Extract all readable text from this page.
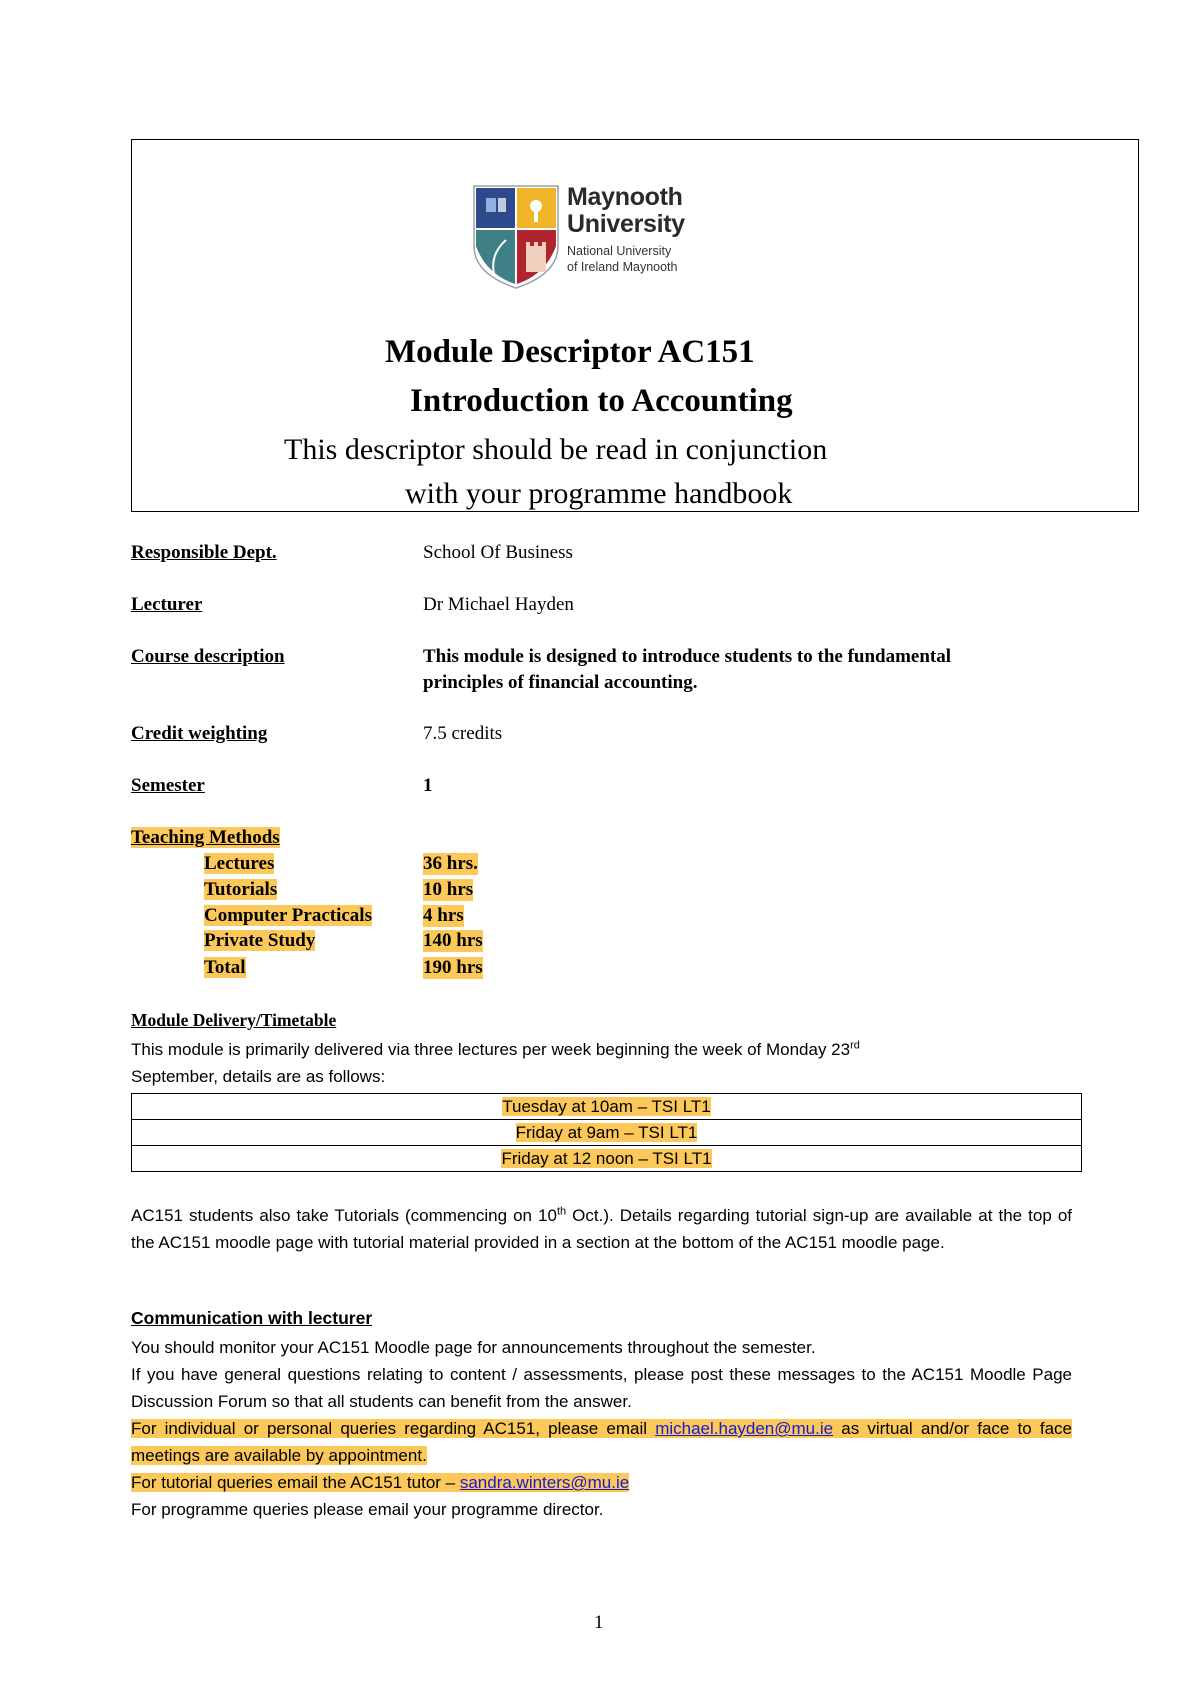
Maynooth
University
National University
of Ireland Maynooth
Module Descriptor AC151
Introduction to Accounting
This descriptor should be read in conjunction
with your programme handbook
Responsible Dept.	School Of Business
Lecturer	Dr Michael Hayden
Course description	This module is designed to introduce students to the fundamental
principles of financial accounting.
Credit weighting	7.5 credits
Semester	1
Teaching Methods
Lectures	36 hrs.
Tutorials	10 hrs
Computer Practicals	4 hrs
Private Study	140 hrs
Total	190 hrs
Module Delivery/Timetable
This module is primarily delivered via three lectures per week beginning the week of Monday 23rd
September, details are as follows:
Tuesday at 10am – TSI LT1
Friday at 9am – TSI LT1
Friday at 12 noon – TSI LT1
AC151 students also take Tutorials (commencing on 10th Oct.). Details regarding tutorial sign-up are available at the top of the AC151 moodle page with tutorial material provided in a section at the bottom of the AC151 moodle page.
Communication with lecturer
You should monitor your AC151 Moodle page for announcements throughout the semester.
If you have general questions relating to content / assessments, please post these messages to the AC151 Moodle Page Discussion Forum so that all students can benefit from the answer.
For individual or personal queries regarding AC151, please email michael.hayden@mu.ie as virtual and/or face to face meetings are available by appointment.
For tutorial queries email the AC151 tutor – sandra.winters@mu.ie
For programme queries please email your programme director.
1
